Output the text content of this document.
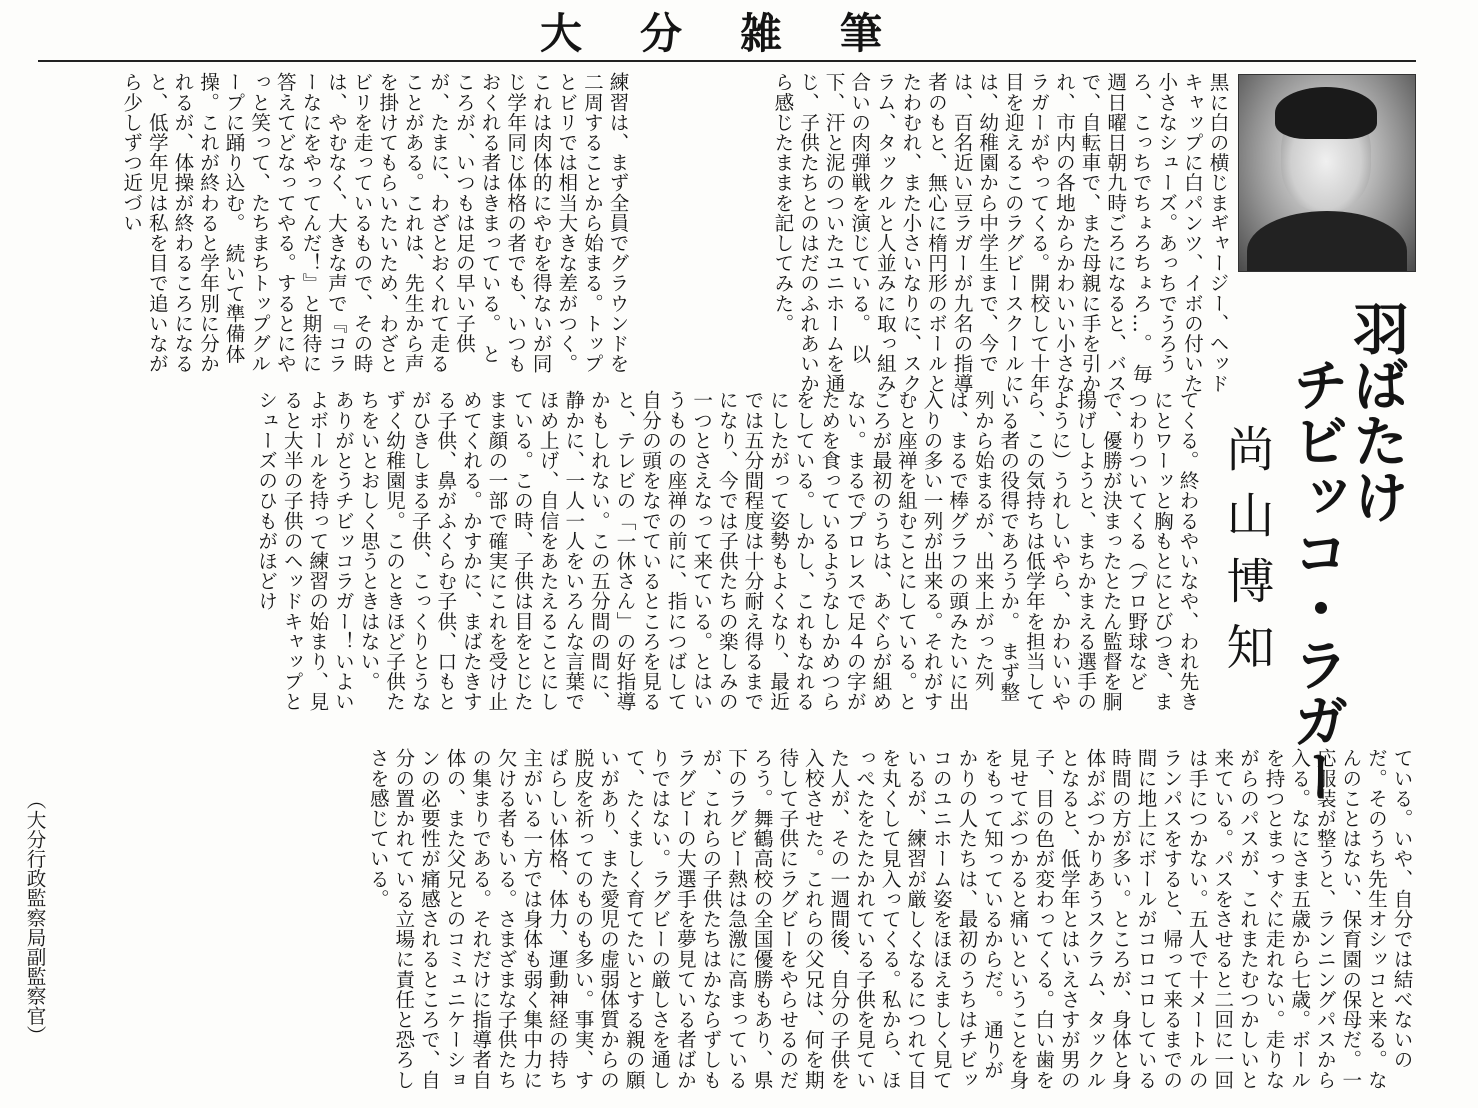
大分雑筆
羽ばたけ
チビッコ・ラガー
尚山博知

黒に白の横じまギャージー、ヘッドキャップに白パンツ、イボの付いた小さなシューズ。あっちでうろうろ、こっちでちょろちょろ…。　毎週日曜日朝九時ごろになると、バスで、自転車で、また母親に手を引かれ、市内の各地からかわいい小さなラガーがやってくる。開校して十年目を迎えるこのラグビースクールには、幼稚園から中学生まで、今では、百名近い豆ラガーが九名の指導者のもと、無心に楕円形のボールとたわむれ、また小さいなりに、スクラム、タックルと人並みに取っ組み合いの肉弾戦を演じている。　以下、汗と泥のついたユニホームを通じ、子供たちとのはだのふれあいから感じたままを記してみた。

練習は、まず全員でグラウンドを二周することから始まる。トップとビリでは相当大きな差がつく。これは肉体的にやむを得ないが同じ学年同じ体格の者でも、いつもおくれる者はきまっている。　ところが、いつもは足の早い子供が、たまに、わざとおくれて走ることがある。これは、先生から声を掛けてもらいたいため、わざとビリを走っているもので、その時は、やむなく、大きな声で『コラーなにをやってんだ！』と期待に答えてどなってやる。するとにやっと笑って、たちまちトップグループに踊り込む。　続いて準備体操。これが終わると学年別に分かれるが、体操が終わるころになると、低学年児は私を目で追いながら少しずつ近づい

てくる。終わるやいなや、われ先きにとワーッと胸もとにとびつき、まつわりついてくる（プロ野球などで、優勝が決まったとたん監督を胴揚げしようと、まちかまえる選手のように）うれしいやら、かわいいやら、この気持ちは低学年を担当している者の役得であろうか。　まず整列から始まるが、出来上がった列は、まるで棒グラフの頭みたいに出入りの多い一列が出来る。それがすむと座禅を組むことにしている。ところが最初のうちは、あぐらが組めない。まるでプロレスで足４の字がためを食っているようなしかめつらをしている。しかし、これもなれるにしたがって姿勢もよくなり、最近では五分間程度は十分耐え得るまでになり、今では子供たちの楽しみの一つとさえなって来ている。とはいうものの座禅の前に、指につばして自分の頭をなでているところを見ると、テレビの「一休さん」の好指導かもしれない。この五分間の間に、静かに、一人一人をいろんな言葉でほめ上げ、自信をあたえることにしている。この時、子供は目をとじたまま顔の一部で確実にこれを受け止めてくれる。かすかに、まばたきする子供、鼻がふくらむ子供、口もとがひきしまる子供、こっくりとうなずく幼稚園児。このときほど子供たちをいとおしく思うときはない。　ありがとうチビッコラガー！いよいよボールを持って練習の始まり、見ると大半の子供のヘッドキャップとシューズのひもがほどけ

ている。いや、自分では結べないのだ。そのうち先生オシッコと来る。なんのことはない、保育園の保母だ。一応服装が整うと、ランニングパスから入る。なにさま五歳から七歳。ボールを持つとまっすぐに走れない。走りながらのパスが、これまたむつかしいと来ている。パスをさせると二回に一回は手につかない。五人で十メートルのランパスをすると、帰って来るまでの間に地上にボールがコロコロしている時間の方が多い。ところが、身体と身体がぶつかりあうスクラム、タックルとなると、低学年とはいえさすが男の子、目の色が変わってくる。白い歯を見せてぶつかると痛いということを身をもって知っているからだ。　通りがかりの人たちは、最初のうちはチビッコのユニホーム姿をほほえましく見ているが、練習が厳しくなるにつれて目を丸くして見入ってくる。私から、ほっぺたをたたかれている子供を見ていた人が、その一週間後、自分の子供を入校させた。これらの父兄は、何を期待して子供にラグビーをやらせるのだろう。舞鶴高校の全国優勝もあり、県下のラグビー熱は急激に高まっているが、これらの子供たちはかならずしもラグビーの大選手を夢見ている者ばかりではない。ラグビーの厳しさを通して、たくましく育てたいとする親の願いがあり、また愛児の虚弱体質からの脱皮を祈ってのものも多い。事実、すばらしい体格、体力、運動神経の持ち主がいる一方では身体も弱く集中力に欠ける者もいる。さまざまな子供たちの集まりである。それだけに指導者自体の、また父兄とのコミュニケーションの必要性が痛感されるところで、自分の置かれている立場に責任と恐ろしさを感じている。

（大分行政監察局副監察官）
